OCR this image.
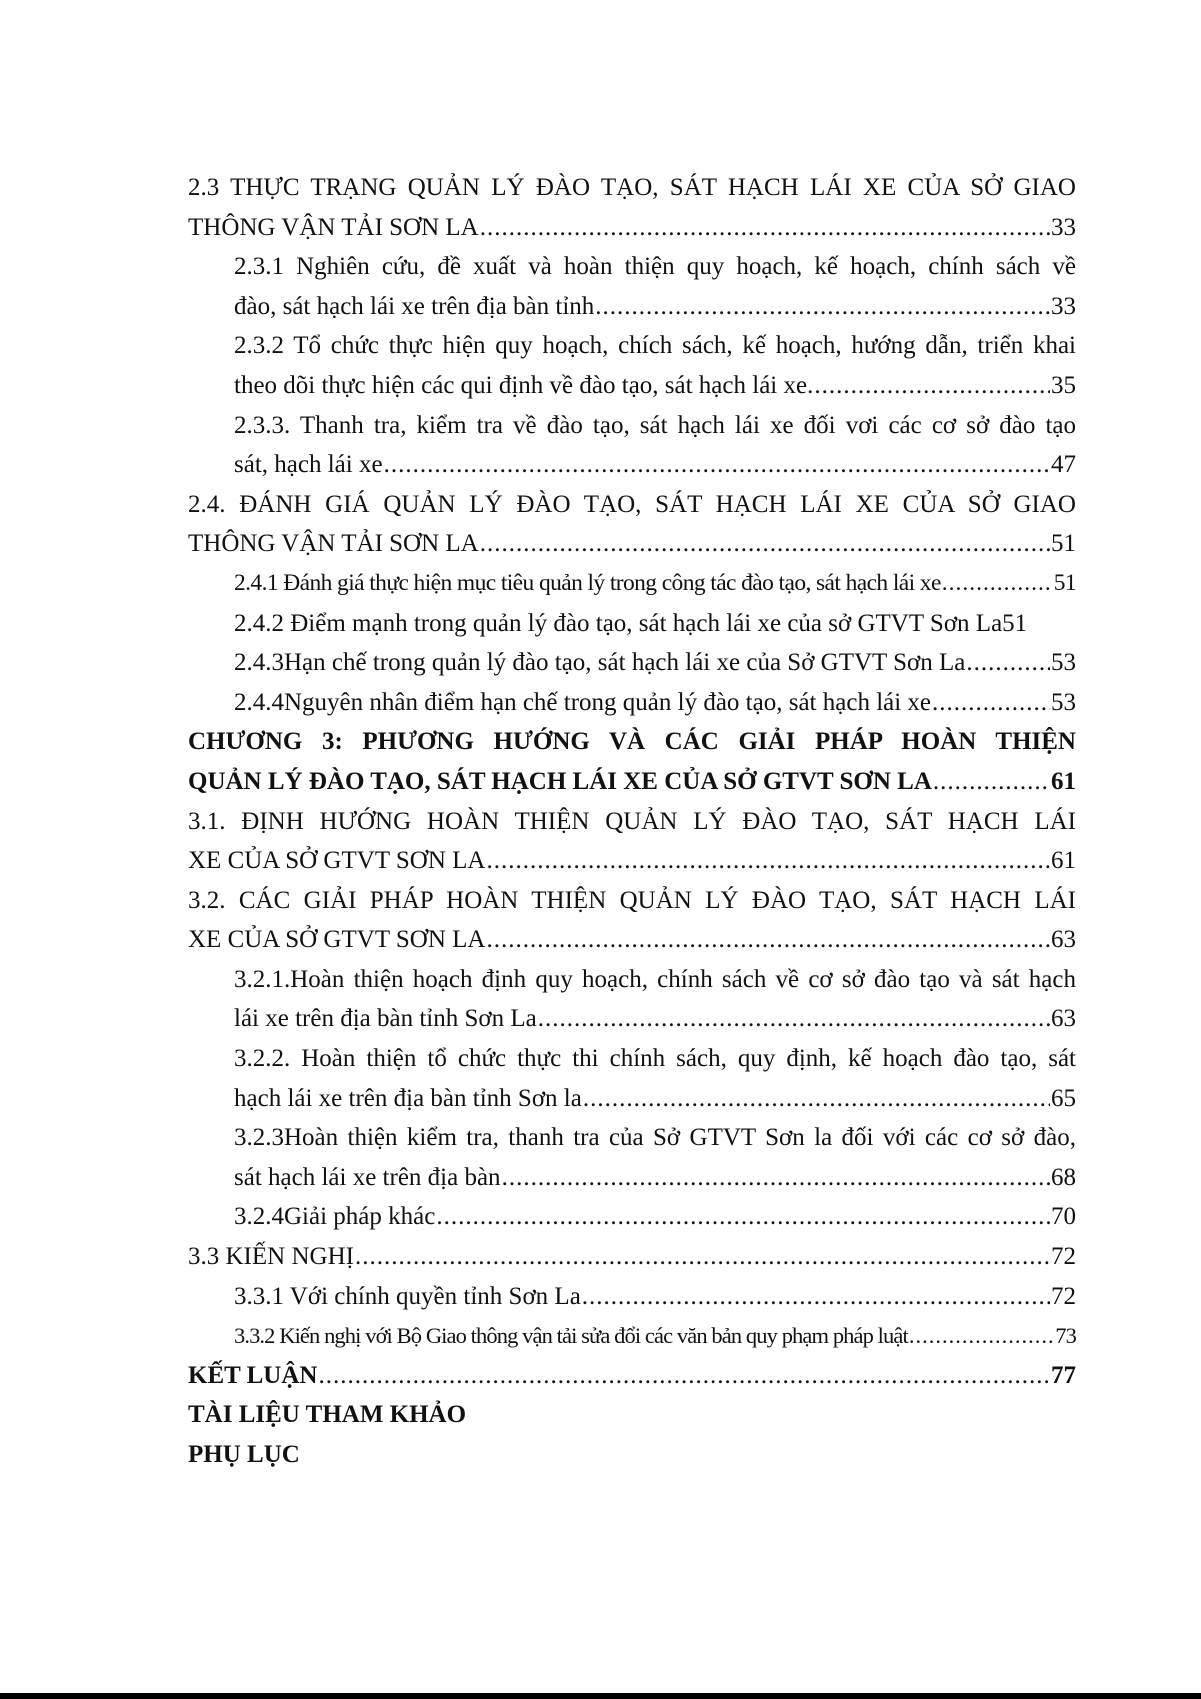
2.3 THỰC TRẠNG QUẢN LÝ ĐÀO TẠO, SÁT HẠCH LÁI XE CỦA SỞ GIAO
THÔNG VẬN TẢI SƠN LA .....	33
2.3.1 Nghiên cứu, đề xuất và hoàn thiện quy hoạch, kế hoạch, chính sách về
đào, sát hạch lái xe trên địa bàn tỉnh .....	33
2.3.2 Tổ chức thực hiện quy hoạch, chích sách, kế hoạch, hướng dẫn, triển khai
theo dõi thực hiện các qui định về đào tạo, sát hạch lái xe. .....	35
2.3.3. Thanh tra, kiểm tra về đào tạo, sát hạch lái xe đối vơi các cơ sở đào tạo
sát, hạch lái xe .....	47
2.4. ĐÁNH GIÁ QUẢN LÝ ĐÀO TẠO, SÁT HẠCH LÁI XE CỦA SỞ GIAO
THÔNG VẬN TẢI SƠN LA .....	51
2.4.1 Đánh giá thực hiện mục tiêu quản lý trong công tác đào tạo, sát hạch lái xe .....	51
2.4.2 Điểm mạnh trong quản lý đào tạo, sát hạch lái xe của sở GTVT Sơn La 51
2.4.3Hạn chế trong quản lý đào tạo, sát hạch lái xe của Sở GTVT Sơn La .....	53
2.4.4Nguyên nhân điểm hạn chế trong quản lý đào tạo, sát hạch lái xe .....	53
CHƯƠNG 3: PHƯƠNG HƯỚNG VÀ CÁC GIẢI PHÁP HOÀN THIỆN
QUẢN LÝ ĐÀO TẠO, SÁT HẠCH LÁI XE CỦA SỞ GTVT SƠN LA .....	61
3.1. ĐỊNH HƯỚNG HOÀN THIỆN QUẢN LÝ ĐÀO TẠO, SÁT HẠCH LÁI
XE CỦA SỞ GTVT SƠN LA .....	61
3.2. CÁC GIẢI PHÁP HOÀN THIỆN QUẢN LÝ ĐÀO TẠO, SÁT HẠCH LÁI
XE CỦA SỞ GTVT SƠN LA .....	63
3.2.1.Hoàn thiện hoạch định quy hoạch, chính sách về cơ sở đào tạo và sát hạch
lái xe trên địa bàn tỉnh Sơn La .....	63
3.2.2. Hoàn thiện tổ chức thực thi chính sách, quy định, kế hoạch đào tạo, sát
hạch lái xe trên địa bàn tỉnh Sơn la .....	65
3.2.3Hoàn thiện kiểm tra, thanh tra của Sở GTVT Sơn la đối với các cơ sở đào,
sát hạch lái xe trên địa bàn .....	68
3.2.4Giải pháp khác .....	70
3.3 KIẾN NGHỊ .....	72
3.3.1 Với chính quyền tỉnh Sơn La .....	72
3.3.2 Kiến nghị với Bộ Giao thông vận tải sửa đổi các văn bản quy phạm pháp luật .....	73
KẾT LUẬN .....	77
TÀI LIỆU THAM KHẢO
PHỤ LỤC
